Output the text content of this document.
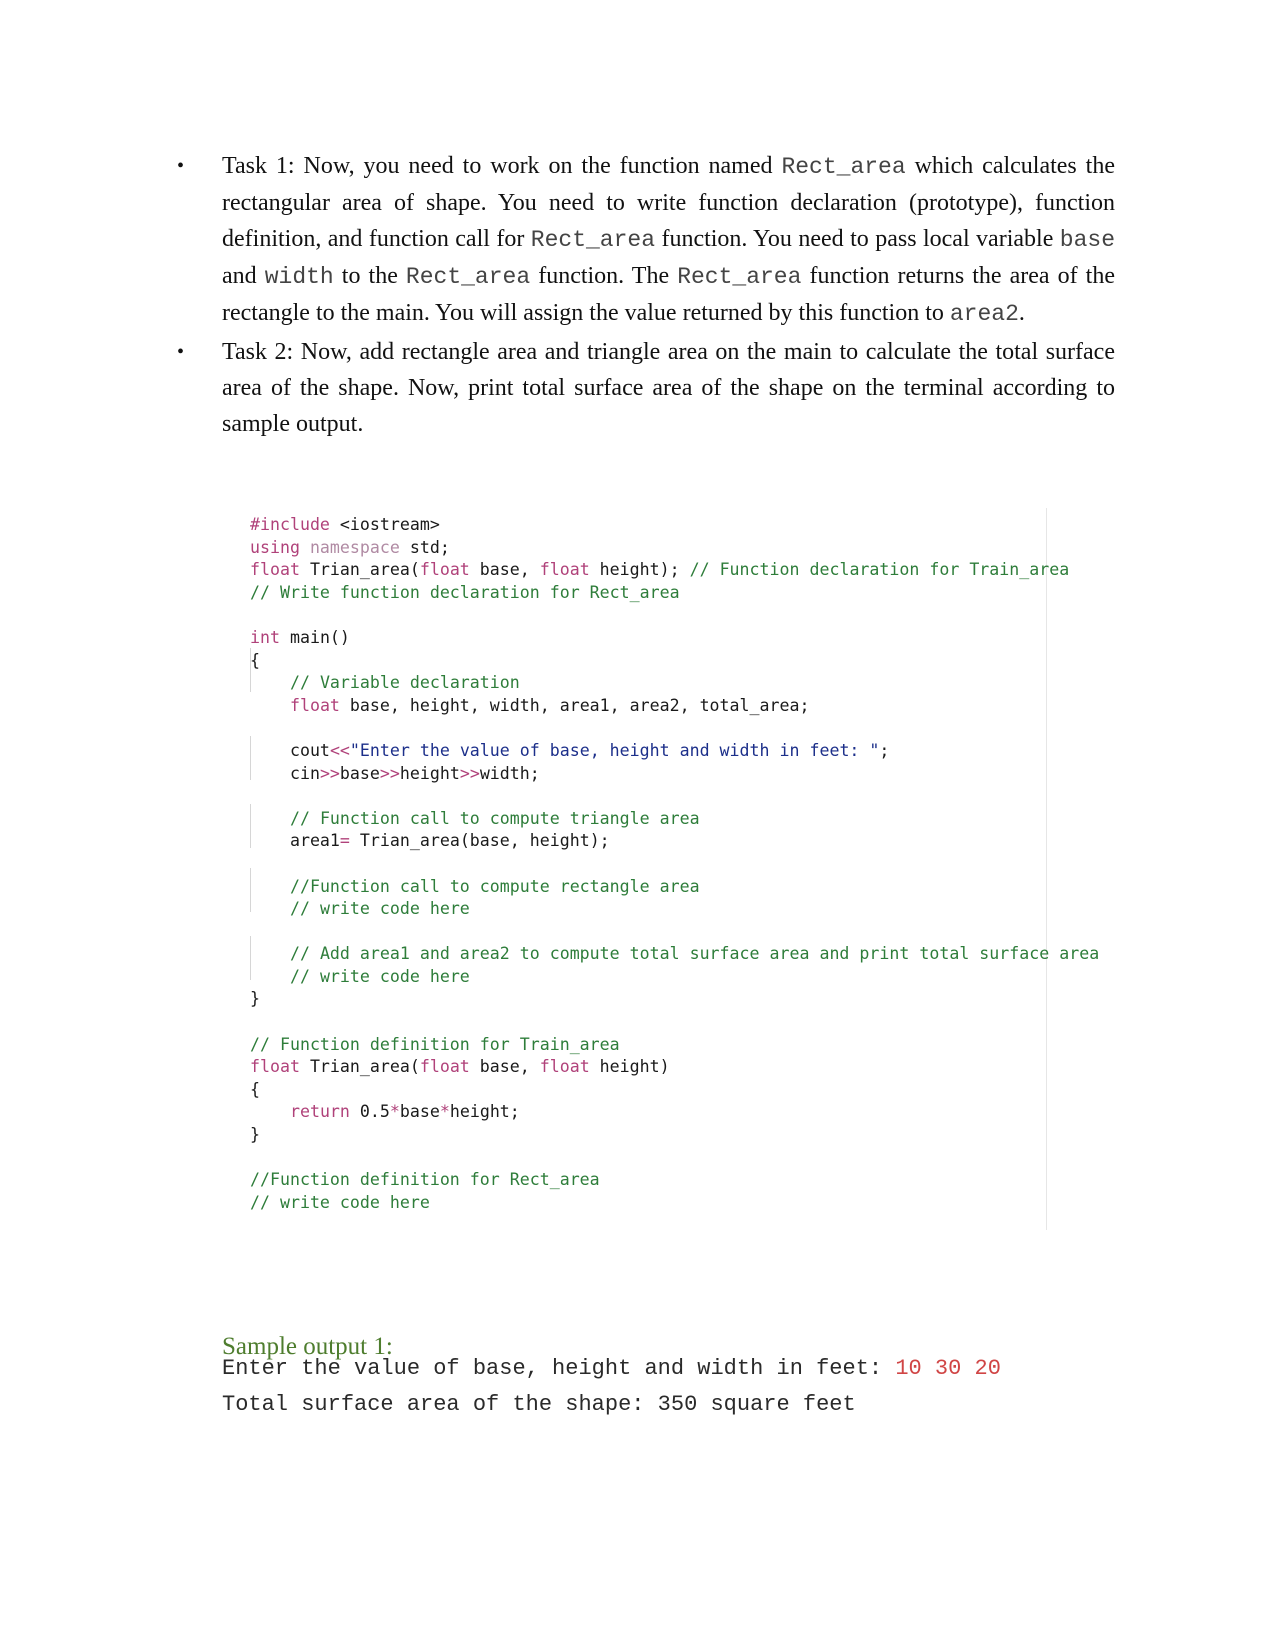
• Task 1: Now, you need to work on the function named Rect_area which calculates the rectangular area of shape. You need to write function declaration (prototype), function definition, and function call for Rect_area function. You need to pass local variable base and width to the Rect_area function. The Rect_area function returns the area of the rectangle to the main. You will assign the value returned by this function to area2.
• Task 2: Now, add rectangle area and triangle area on the main to calculate the total surface area of the shape. Now, print total surface area of the shape on the terminal according to sample output.
#include <iostream>
using namespace std;
float Trian_area(float base, float height); // Function declaration for Train_area
// Write function declaration for Rect_area
int main()
{
// Variable declaration
float base, height, width, area1, area2, total_area;
cout<<"Enter the value of base, height and width in feet: ";
cin>>base>>height>>width;
// Function call to compute triangle area
area1= Trian_area(base, height);
//Function call to compute rectangle area
// write code here
// Add area1 and area2 to compute total surface area and print total surface area
// write code here
}
// Function definition for Train_area
float Trian_area(float base, float height)
{
return 0.5*base*height;
}
//Function definition for Rect_area
// write code here
Sample output 1:
Enter the value of base, height and width in feet: 10 30 20
Total surface area of the shape: 350 square feet
